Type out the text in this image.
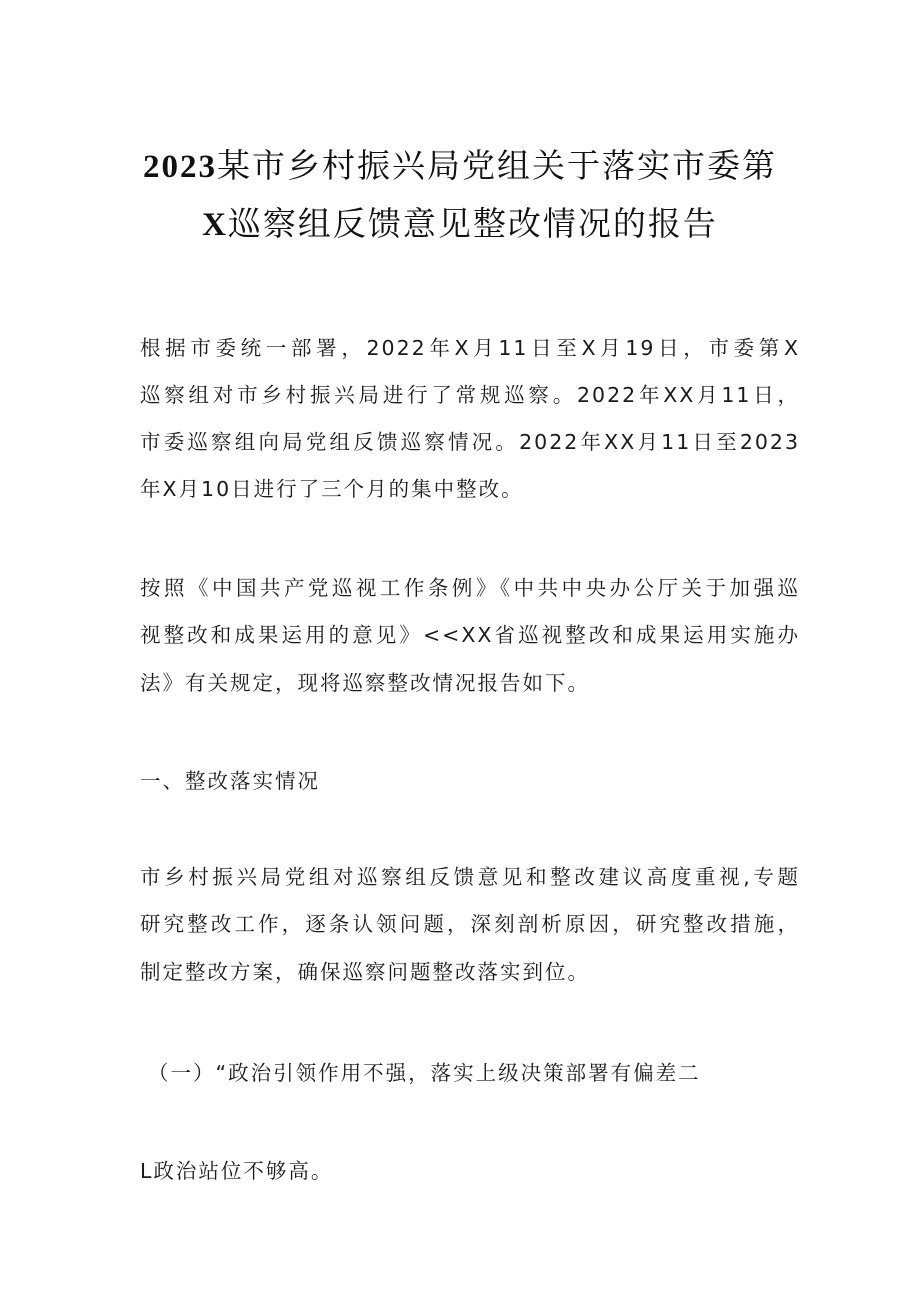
2023某市乡村振兴局党组关于落实市委第
X巡察组反馈意见整改情况的报告
根据市委统一部署，2022年X月11日至X月19日，市委第X
巡察组对市乡村振兴局进行了常规巡察。2022年XX月11日，
市委巡察组向局党组反馈巡察情况。2022年XX月11日至2023
年X月10日进行了三个月的集中整改。
按照《中国共产党巡视工作条例》《中共中央办公厅关于加强巡
视整改和成果运用的意见》<<XX省巡视整改和成果运用实施办
法》有关规定，现将巡察整改情况报告如下。
一、整改落实情况
市乡村振兴局党组对巡察组反馈意见和整改建议高度重视,专题
研究整改工作，逐条认领问题，深刻剖析原因，研究整改措施，
制定整改方案，确保巡察问题整改落实到位。
（一）“政治引领作用不强，落实上级决策部署有偏差二
L政治站位不够高。
